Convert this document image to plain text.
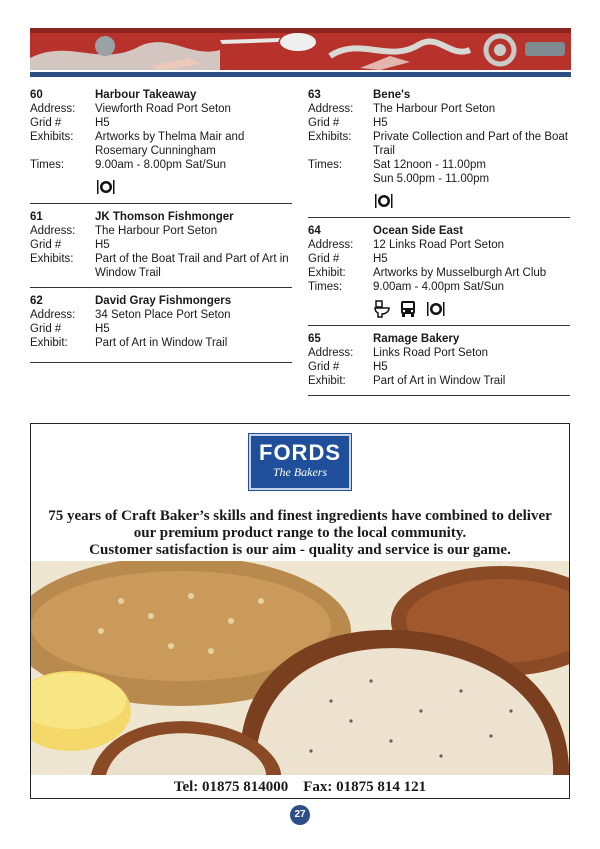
60	Harbour Takeaway
Address:	Viewforth Road Port Seton
Grid #	H5
Exhibits:	Artworks by Thelma Mair and Rosemary Cunningham
Times:	9.00am - 8.00pm Sat/Sun
61	JK Thomson Fishmonger
Address:	The Harbour Port Seton
Grid #	H5
Exhibits:	Part of the Boat Trail and Part of Art in Window Trail
62	David Gray Fishmongers
Address:	34 Seton Place Port Seton
Grid #	H5
Exhibit:	Part of Art in Window Trail
63	Bene's
Address:	The Harbour Port Seton
Grid #	H5
Exhibits:	Private Collection and Part of the Boat Trail
Times:	Sat 12noon - 11.00pm
Sun 5.00pm - 11.00pm
64	Ocean Side East
Address:	12 Links Road Port Seton
Grid #	H5
Exhibit:	Artworks by Musselburgh Art Club
Times:	9.00am - 4.00pm Sat/Sun
65	Ramage Bakery
Address:	Links Road Port Seton
Grid #	H5
Exhibit:	Part of Art in Window Trail
FORDS
The Bakers
75 years of Craft Baker’s skills and finest ingredients have combined to deliver
our premium product range to the local community.
Customer satisfaction is our aim - quality and service is our game.
Tel: 01875 814000 Fax: 01875 814 121
27
